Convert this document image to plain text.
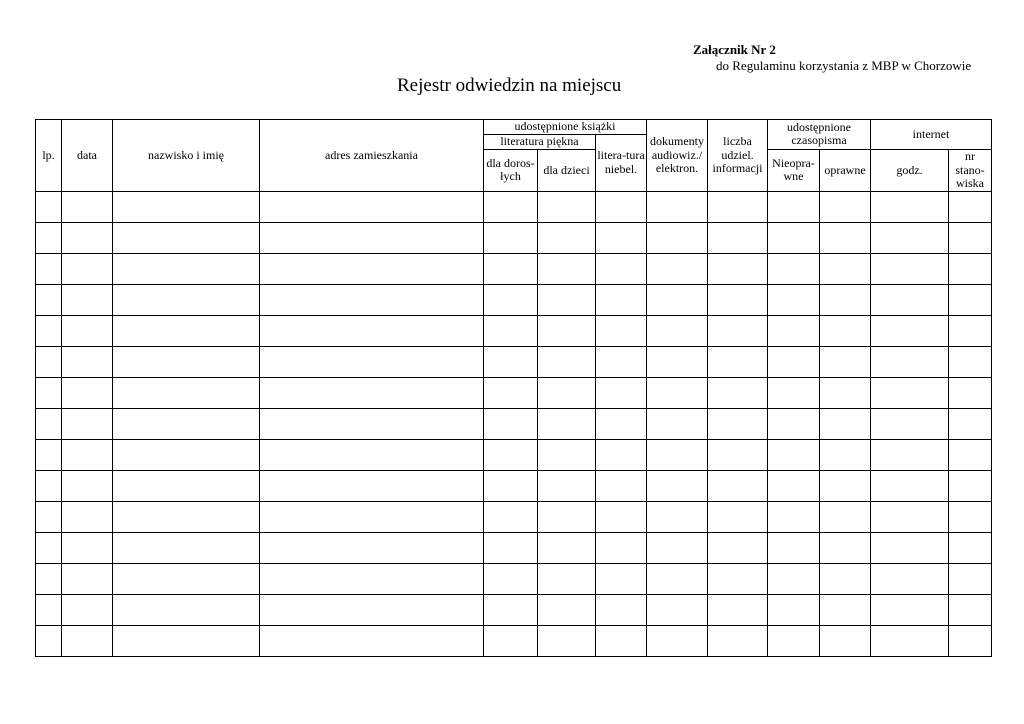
Załącznik Nr 2
do Regulaminu korzystania z MBP w Chorzowie
Rejestr odwiedzin na miejscu
lp.	data	nazwisko i imię	adres zamieszkania	udostępnione książki			dokumenty audiowiz./ elektron.	liczba udziel. informacji	udostępnione czasopisma		internet	
				literatura piękna		litera-tura niebel.						
				dla doros-łych	dla dzieci				Nieopra-wne	oprawne	godz.	nr stano-wiska
